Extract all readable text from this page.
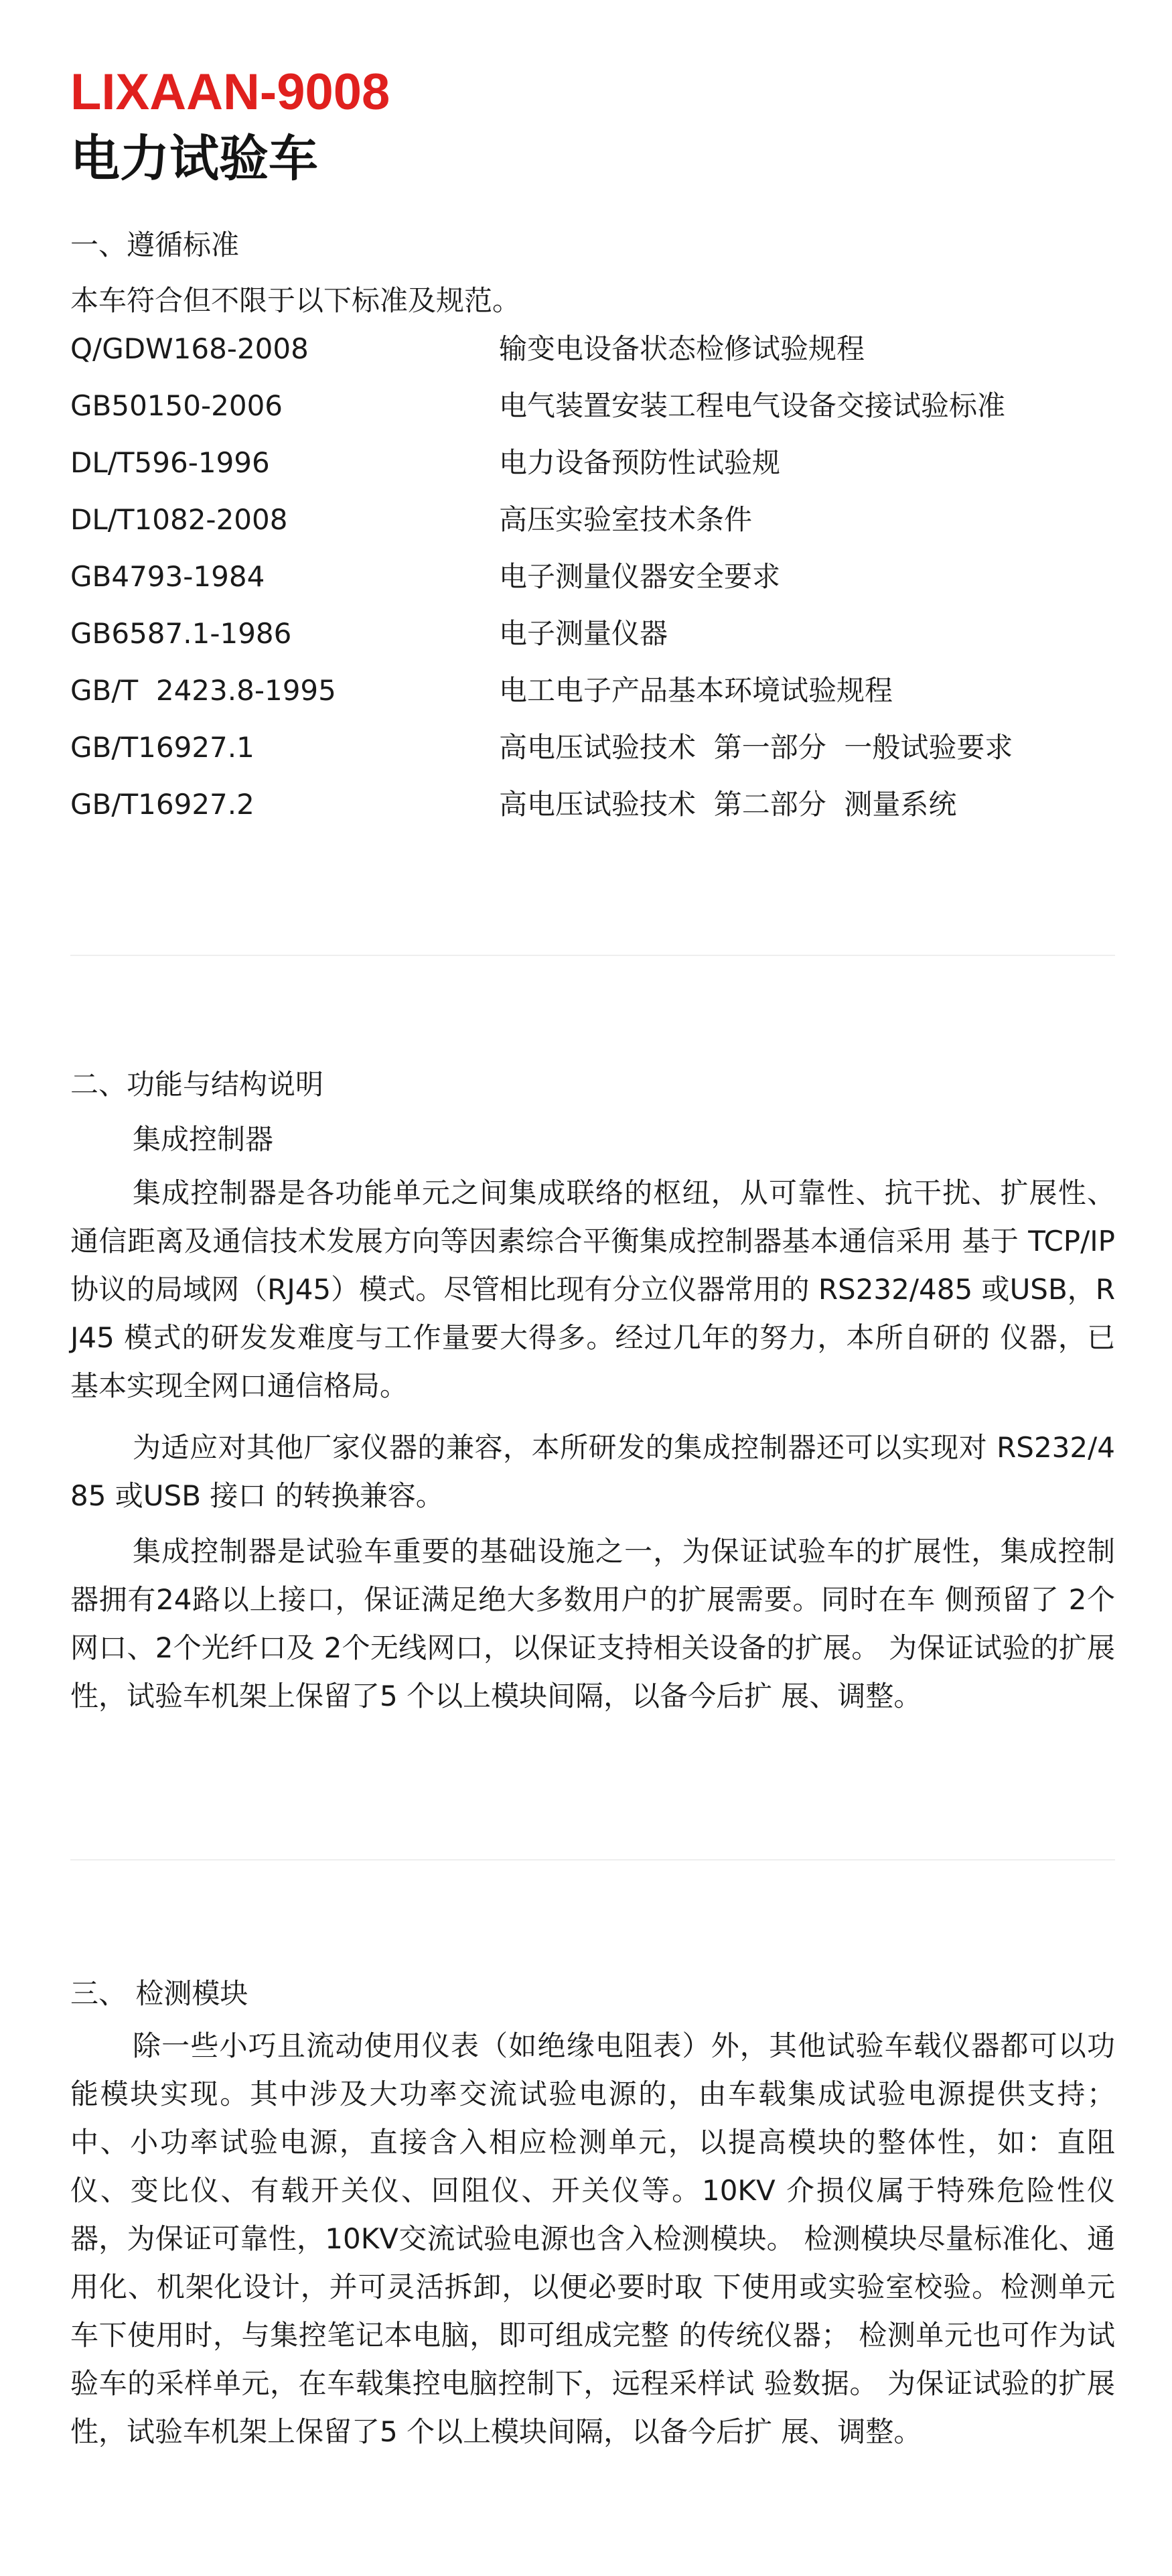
LIXAAN-9008
电力试验车
一、遵循标准
本车符合但不限于以下标准及规范。
Q/GDW168-2008	输变电设备状态检修试验规程
GB50150-2006	电气装置安装工程电气设备交接试验标准
DL/T596-1996	电力设备预防性试验规
DL/T1082-2008	高压实验室技术条件
GB4793-1984	电子测量仪器安全要求
GB6587.1-1986	电子测量仪器
GB/T  2423.8-1995	电工电子产品基本环境试验规程
GB/T16927.1	高电压试验技术  第一部分  一般试验要求
GB/T16927.2	高电压试验技术  第二部分  测量系统
二、功能与结构说明
集成控制器

集成控制器是各功能单元之间集成联络的枢纽，从可靠性、抗干扰、扩展性、 通信距离及通信技术发展方向等因素综合平衡集成控制器基本通信采用 基于 TCP/IP 协议的局域网（RJ45）模式。尽管相比现有分立仪器常用的 RS232/485 或USB，RJ45 模式的研发发难度与工作量要大得多。经过几年的努力，本所自研的 仪器，已基本实现全网口通信格局。

为适应对其他厂家仪器的兼容，本所研发的集成控制器还可以实现对 RS232/485 或USB 接口 的转换兼容。

集成控制器是试验车重要的基础设施之一，为保证试验车的扩展性，集成控制器拥有24路以上接口，保证满足绝大多数用户的扩展需要。同时在车 侧预留了 2个网口、2个光纤口及 2个无线网口，以保证支持相关设备的扩展。 为保证试验的扩展性，试验车机架上保留了5 个以上模块间隔，以备今后扩 展、调整。

三、 检测模块

除一些小巧且流动使用仪表（如绝缘电阻表）外，其他试验车载仪器都可以功能模块实现。其中涉及大功率交流试验电源的，由车载集成试验电源提供支持； 中、小功率试验电源，直接含入相应检测单元，以提高模块的整体性，如：直阻 仪、变比仪、有载开关仪、回阻仪、开关仪等。10KV 介损仪属于特殊危险性仪 器，为保证可靠性，10KV交流试验电源也含入检测模块。 检测模块尽量标准化、通用化、机架化设计，并可灵活拆卸，以便必要时取 下使用或实验室校验。检测单元车下使用时，与集控笔记本电脑，即可组成完整 的传统仪器； 检测单元也可作为试验车的采样单元，在车载集控电脑控制下，远程采样试 验数据。 为保证试验的扩展性，试验车机架上保留了5 个以上模块间隔，以备今后扩 展、调整。
